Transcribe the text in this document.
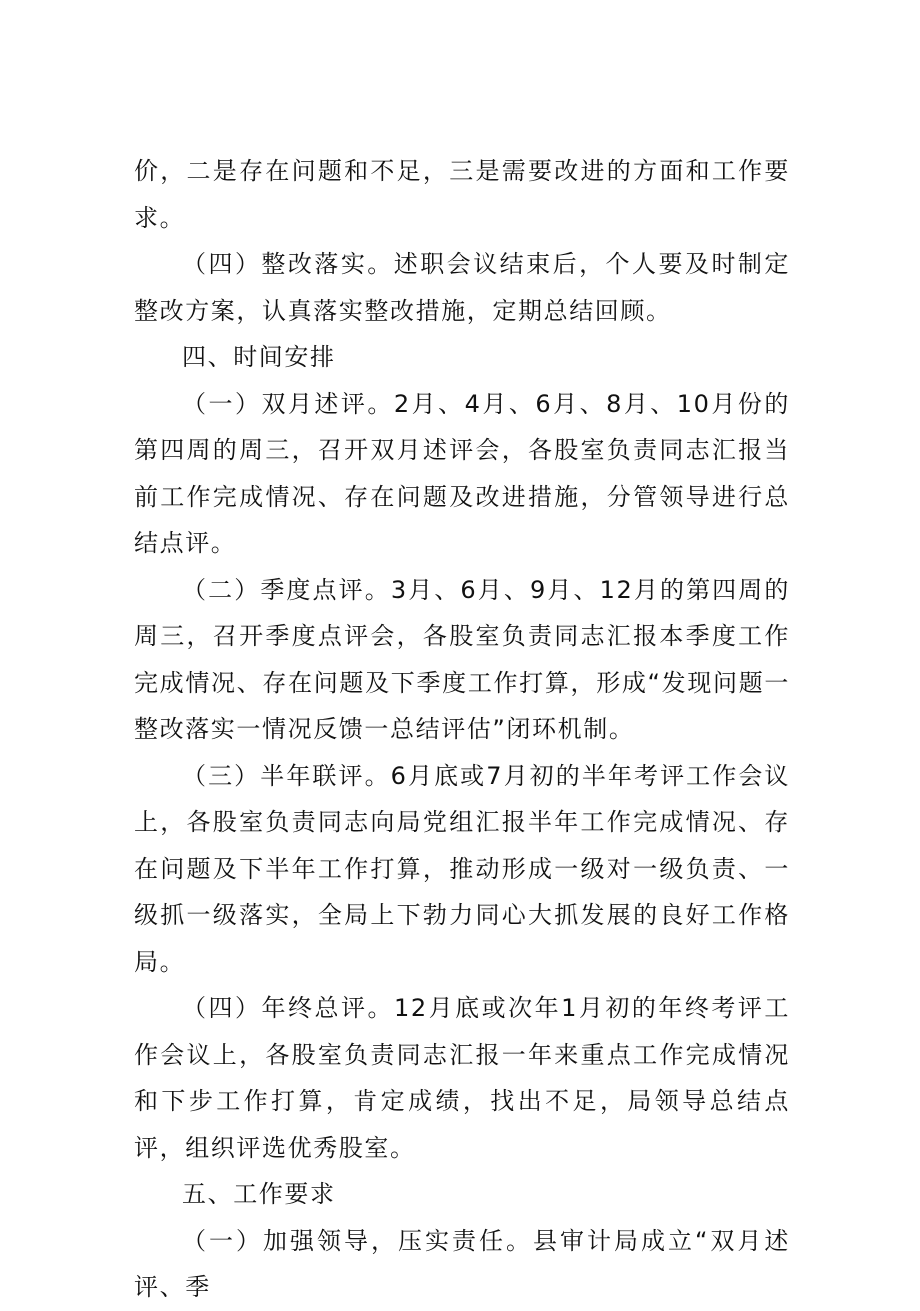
价，二是存在问题和不足，三是需要改进的方面和工作要求。

（四）整改落实。述职会议结束后，个人要及时制定整改方案，认真落实整改措施，定期总结回顾。

四、时间安排

（一）双月述评。2月、4月、6月、8月、10月份的第四周的周三，召开双月述评会，各股室负责同志汇报当前工作完成情况、存在问题及改进措施，分管领导进行总结点评。

（二）季度点评。3月、6月、9月、12月的第四周的周三，召开季度点评会，各股室负责同志汇报本季度工作完成情况、存在问题及下季度工作打算，形成“发现问题一整改落实一情况反馈一总结评估”闭环机制。

（三）半年联评。6月底或7月初的半年考评工作会议上，各股室负责同志向局党组汇报半年工作完成情况、存在问题及下半年工作打算，推动形成一级对一级负责、一级抓一级落实，全局上下勃力同心大抓发展的良好工作格局。

（四）年终总评。12月底或次年1月初的年终考评工作会议上，各股室负责同志汇报一年来重点工作完成情况和下步工作打算，肯定成绩，找出不足，局领导总结点评，组织评选优秀股室。

五、工作要求

（一）加强领导，压实责任。县审计局成立“双月述评、季
